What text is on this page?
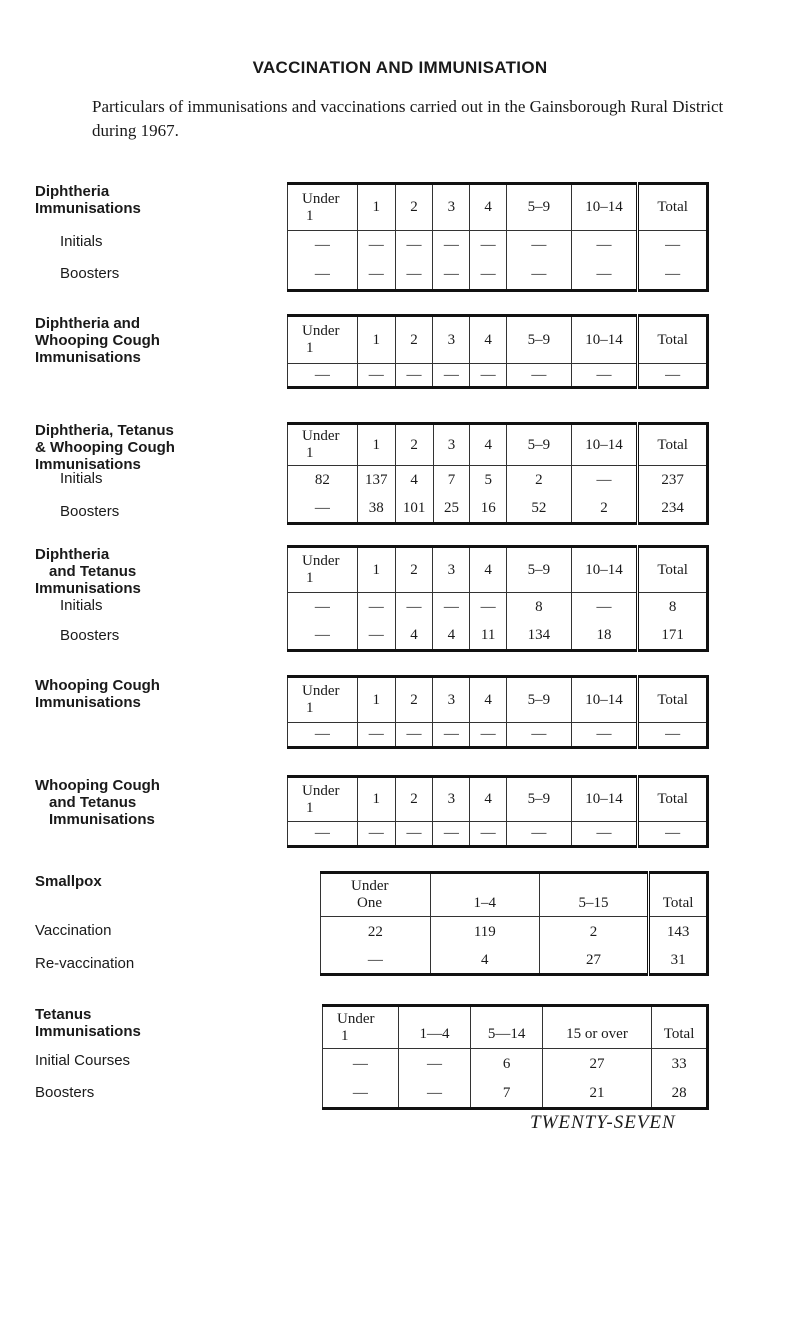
VACCINATION AND IMMUNISATION
Particulars of immunisations and vaccinations carried out in the Gainsborough Rural District during 1967.
Diphtheria
Immunisations
Initials
Boosters
Under
1	1	2	3	4	5–9	10–14	Total
—	—	—	—	—	—	—	—
—	—	—	—	—	—	—	—
Diphtheria and
Whooping Cough
Immunisations
Under
1	1	2	3	4	5–9	10–14	Total
—	—	—	—	—	—	—	—
Diphtheria, Tetanus
& Whooping Cough
Immunisations
Initials
Boosters
Under
1	1	2	3	4	5–9	10–14	Total
82	137	4	7	5	2	—	237
—	38	101	25	16	52	2	234
Diphtheria
and Tetanus
Immunisations
Initials
Boosters
Under
1	1	2	3	4	5–9	10–14	Total
—	—	—	—	—	8	—	8
—	—	4	4	11	134	18	171
Whooping Cough
Immunisations
Under
1	1	2	3	4	5–9	10–14	Total
—	—	—	—	—	—	—	—
Whooping Cough
and Tetanus
Immunisations
Under
1	1	2	3	4	5–9	10–14	Total
—	—	—	—	—	—	—	—
Smallpox
Vaccination
Re-vaccination
Under
One	1–4	5–15	Total
22	119	2	143
—	4	27	31
Tetanus
Immunisations
Initial Courses
Boosters
Under
1	1—4	5—14	15 or over	Total
—	—	6	27	33
—	—	7	21	28
TWENTY-SEVEN
